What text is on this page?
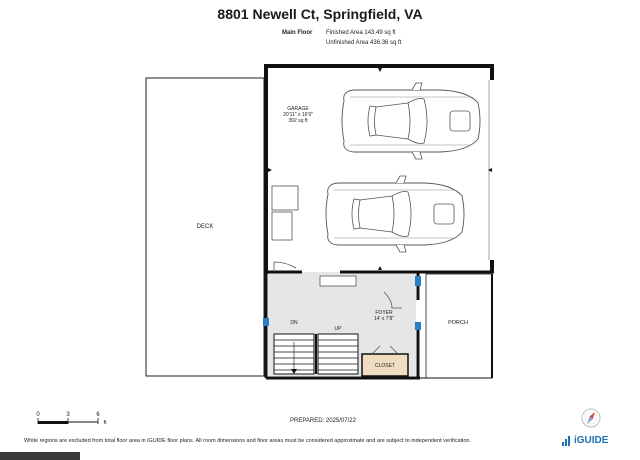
8801 Newell Ct, Springfield, VA
Main Floor Finished Area 143.49 sq ft
Unfinished Area 436.36 sq ft
DECK
PORCH
GARAGE
20'11" x 16'9"
392 sq ft
FOYER
14' x 7'8"
DN
UP
CLOSET
0	3	6
ft	PREPARED: 2025/07/22
White regions are excluded from total floor area in iGUIDE floor plans. All room dimensions and floor areas must be considered approximate and are subject to independent verification.	iGUIDE
